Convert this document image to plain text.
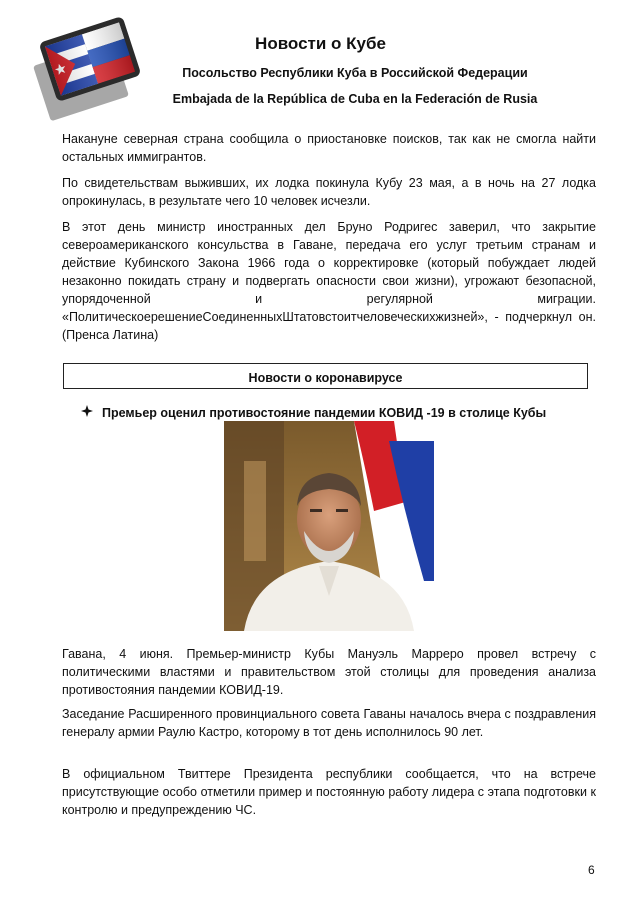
Новости о Кубе
Посольство Республики Куба в Российской Федерации
Embajada de la República de Cuba en la Federación de Rusia

Накануне северная страна сообщила о приостановке поисков, так как не смогла найти остальных иммигрантов.

По свидетельствам выживших, их лодка покинула Кубу 23 мая, а в ночь на 27 лодка опрокинулась, в результате чего 10 человек исчезли.

В этот день министр иностранных дел Бруно Родригес заверил, что закрытие североамериканского консульства в Гаване, передача его услуг третьим странам и действие Кубинского Закона 1966 года о корректировке (который побуждает людей незаконно покидать страну и подвергать опасности свои жизни), угрожают безопасной, упорядоченной и регулярной миграции. «ПолитическоерешениеСоединенныхШтатовстоитчеловеческихжизней», - подчеркнул он. (Пренса Латина)

Новости о коронавирусе
Премьер оценил противостояние пандемии КОВИД -19 в столице Кубы

Гавана, 4 июня. Премьер-министр Кубы Мануэль Марреро провел встречу с политическими властями и правительством этой столицы для проведения анализа противостояния пандемии КОВИД-19.

Заседание Расширенного провинциального совета Гаваны началось вчера с поздравления генералу армии Раулю Кастро, которому в тот день исполнилось 90 лет.

В официальном Твиттере Президента республики сообщается, что на встрече присутствующие особо отметили пример и постоянную работу лидера с этапа подготовки к контролю и предупреждению ЧС.

6
